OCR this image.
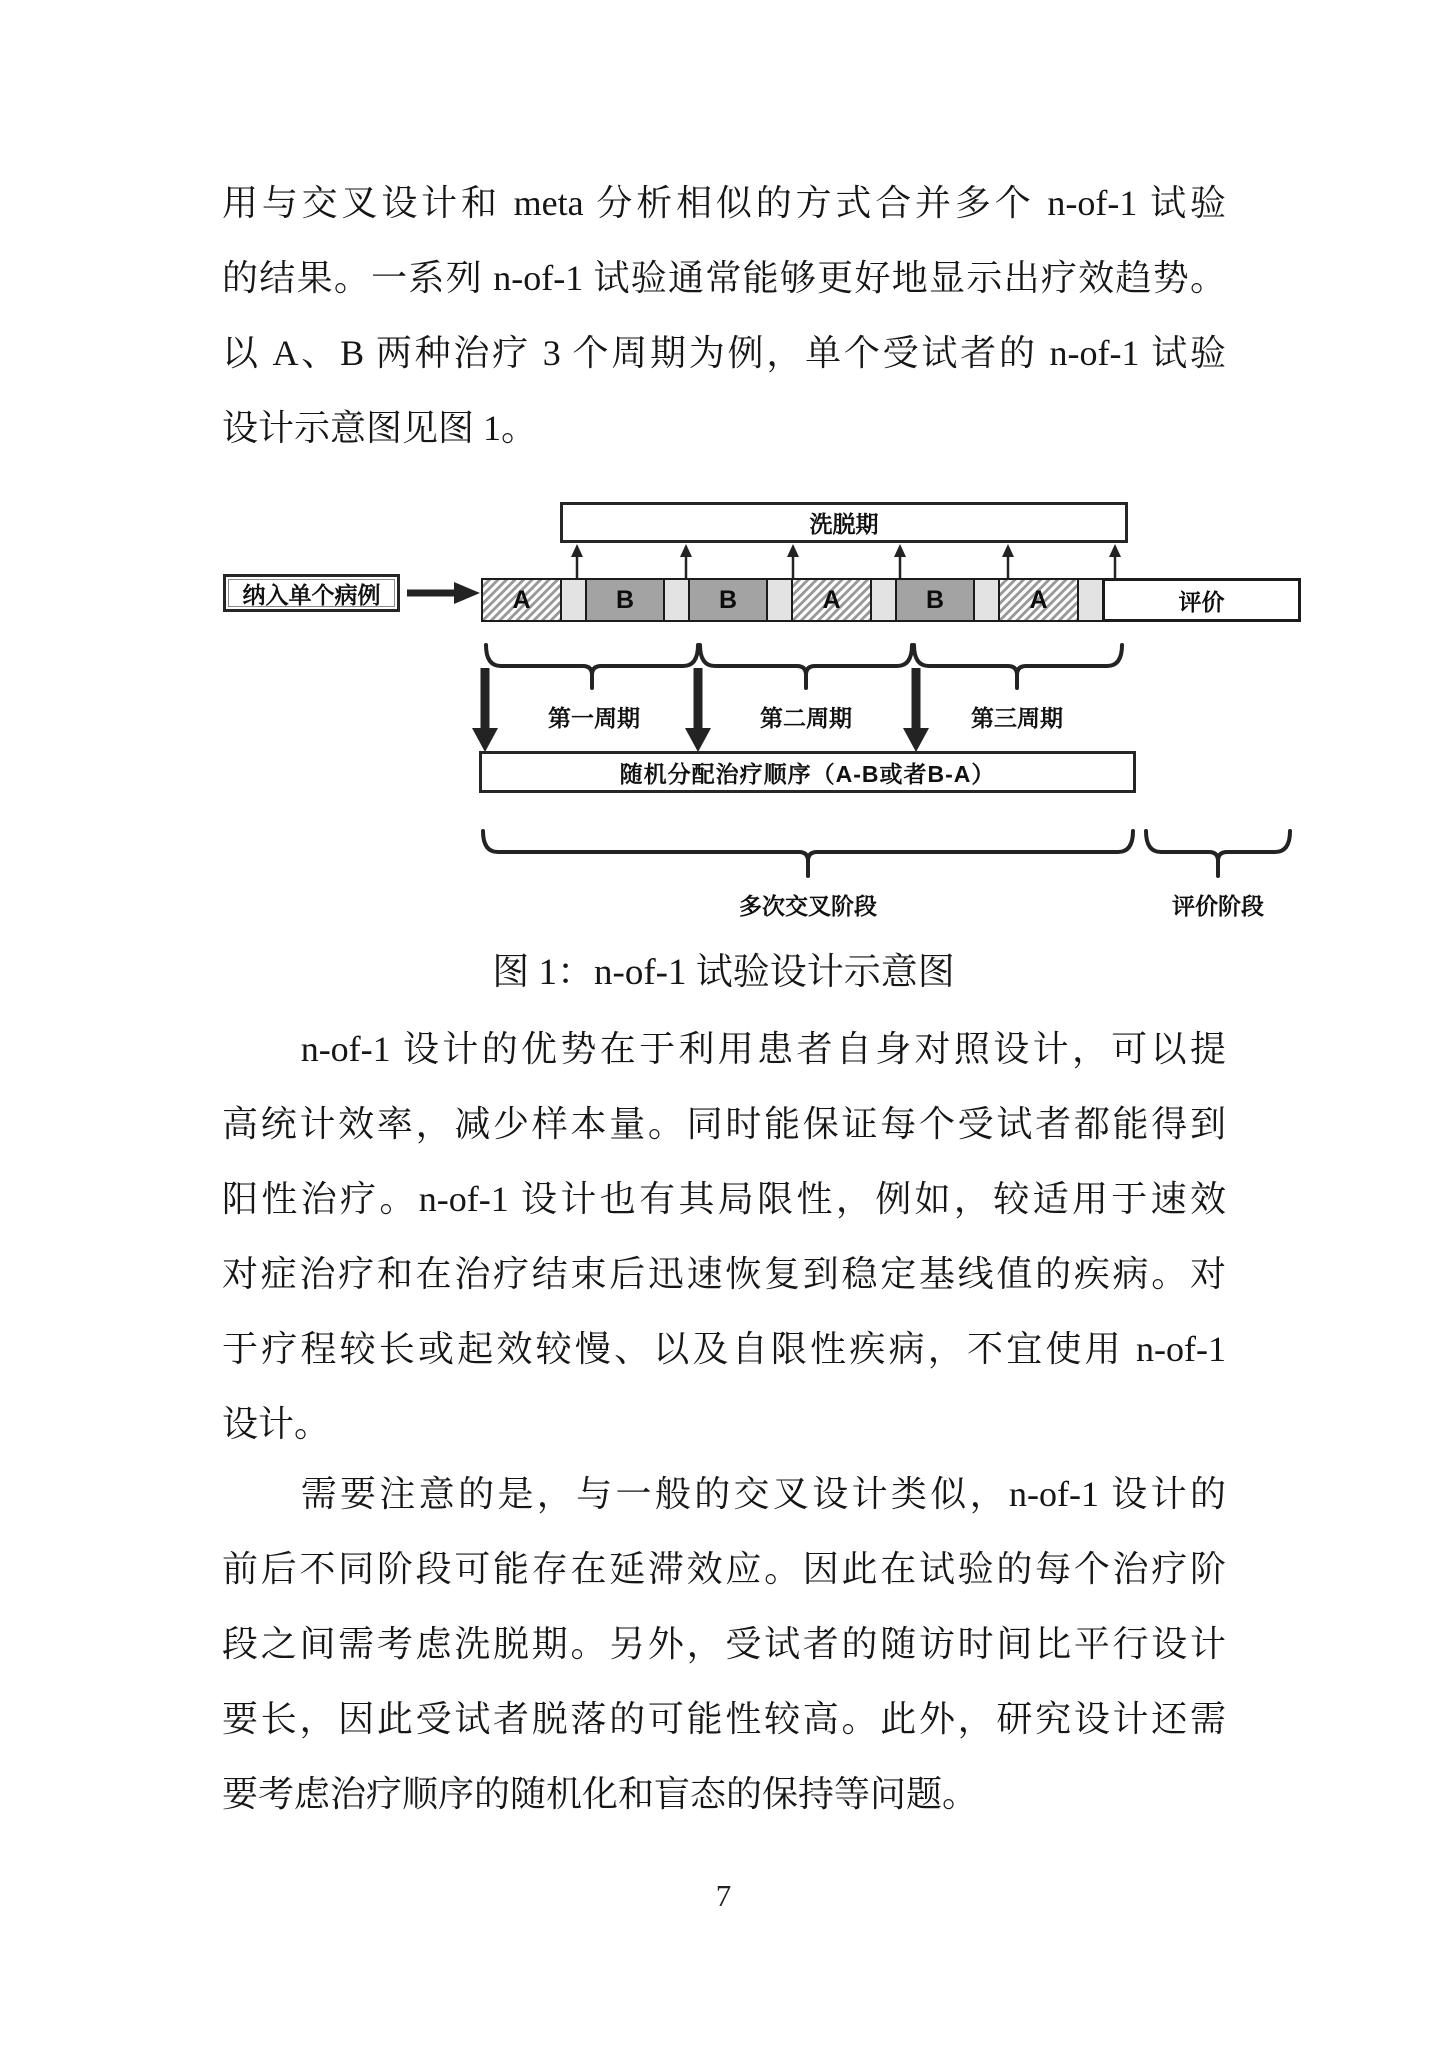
用与交叉设计和 meta 分析相似的方式合并多个 n-of-1 试验
的结果。一系列 n-of-1 试验通常能够更好地显示出疗效趋势。
以 A、B 两种治疗 3 个周期为例，单个受试者的 n-of-1 试验
设计示意图见图 1。
　　n-of-1 设计的优势在于利用患者自身对照设计，可以提
高统计效率，减少样本量。同时能保证每个受试者都能得到
阳性治疗。n-of-1 设计也有其局限性，例如，较适用于速效
对症治疗和在治疗结束后迅速恢复到稳定基线值的疾病。对
于疗程较长或起效较慢、以及自限性疾病，不宜使用 n-of-1
设计。
　　需要注意的是，与一般的交叉设计类似，n-of-1 设计的
前后不同阶段可能存在延滞效应。因此在试验的每个治疗阶
段之间需考虑洗脱期。另外，受试者的随访时间比平行设计
要长，因此受试者脱落的可能性较高。此外，研究设计还需
要考虑治疗顺序的随机化和盲态的保持等问题。
洗脱期
纳入单个病例	A	B	B	A	B	A	评价
随机分配治疗顺序（A-B或者B-A）
第一周期	第二周期	第三周期
多次交叉阶段	评价阶段
图 1：n-of-1 试验设计示意图
7
